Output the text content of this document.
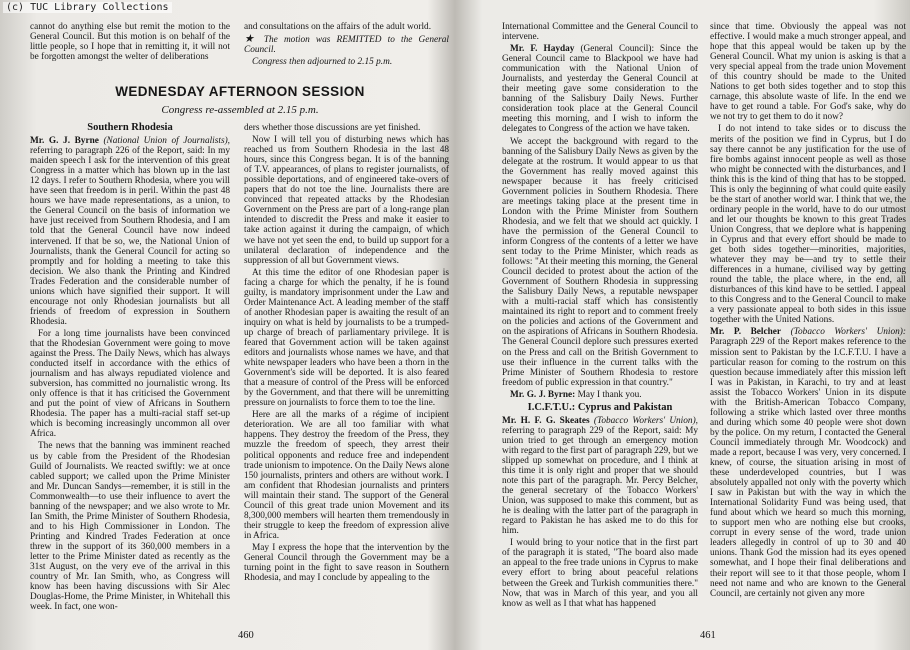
(c) TUC Library Collections

cannot do anything else but remit the motion to the General Council. But this motion is on behalf of the little people, so I hope that in remitting it, it will not be forgotten amongst the welter of deliberations

and consultations on the affairs of the adult world.

★ The motion was REMITTED to the General Council.

Congress then adjourned to 2.15 p.m.

WEDNESDAY AFTERNOON SESSION
Congress re-assembled at 2.15 p.m.
Southern Rhodesia

Mr. G. J. Byrne (National Union of Journalists), referring to paragraph 226 of the Report, said: In my maiden speech I ask for the intervention of this great Congress in a matter which has blown up in the last 12 days. I refer to Southern Rhodesia, where you will have seen that freedom is in peril. Within the past 48 hours we have made representations, as a union, to the General Council on the basis of information we have just received from Southern Rhodesia, and I am told that the General Council have now indeed intervened. If that be so, we, the National Union of Journalists, thank the General Council for acting so promptly and for holding a meeting to take this decision. We also thank the Printing and Kindred Trades Federation and the considerable number of unions which have signified their support. It will encourage not only Rhodesian journalists but all friends of freedom of expression in Southern Rhodesia.

For a long time journalists have been convinced that the Rhodesian Government were going to move against the Press. The Daily News, which has always conducted itself in accordance with the ethics of journalism and has always repudiated violence and subversion, has committed no journalistic wrong. Its only offence is that it has criticised the Government and put the point of view of Africans in Southern Rhodesia. The paper has a multi-racial staff set-up which is becoming increasingly uncommon all over Africa.

The news that the banning was imminent reached us by cable from the President of the Rhodesian Guild of Journalists. We reacted swiftly: we at once cabled support; we called upon the Prime Minister and Mr. Duncan Sandys—remember, it is still in the Commonwealth—to use their influence to avert the banning of the newspaper; and we also wrote to Mr. Ian Smith, the Prime Minister of Southern Rhodesia, and to his High Commissioner in London. The Printing and Kindred Trades Federation at once threw in the support of its 360,000 members in a letter to the Prime Minister dated as recently as the 31st August, on the very eve of the arrival in this country of Mr. Ian Smith, who, as Congress will know has been having discussions with Sir Alec Douglas-Home, the Prime Minister, in Whitehall this week. In fact, one won-

ders whether those discussions are yet finished.

Now I will tell you of disturbing news which has reached us from Southern Rhodesia in the last 48 hours, since this Congress began. It is of the banning of T.V. appearances, of plans to register journalists, of possible deportations, and of engineered take-overs of papers that do not toe the line. Journalists there are convinced that repeated attacks by the Rhodesian Government on the Press are part of a long-range plan intended to discredit the Press and make it easier to take action against it during the campaign, of which we have not yet seen the end, to build up support for a unilateral declaration of independence and the suppression of all but Government views.

At this time the editor of one Rhodesian paper is facing a charge for which the penalty, if he is found guilty, is mandatory imprisonment under the Law and Order Maintenance Act. A leading member of the staff of another Rhodesian paper is awaiting the result of an inquiry on what is held by journalists to be a trumped-up charge of breach of parliamentary privilege. It is feared that Government action will be taken against editors and journalists whose names we have, and that white newspaper leaders who have been a thorn in the Government's side will be deported. It is also feared that a measure of control of the Press will be enforced by the Government, and that there will be unremitting pressure on journalists to force them to toe the line.

Here are all the marks of a régime of incipient deterioration. We are all too familiar with what happens. They destroy the freedom of the Press, they muzzle the freedom of speech, they arrest their political opponents and reduce free and independent trade unionism to impotence. On the Daily News alone 150 journalists, printers and others are without work. I am confident that Rhodesian journalists and printers will maintain their stand. The support of the General Council of this great trade union Movement and its 8,300,000 members will hearten them tremendously in their struggle to keep the freedom of expression alive in Africa.

May I express the hope that the intervention by the General Council through the Government may be a turning point in the fight to save reason in Southern Rhodesia, and may I conclude by appealing to the

460

International Committee and the General Council to intervene.

Mr. F. Hayday (General Council): Since the General Council came to Blackpool we have had communication with the National Union of Journalists, and yesterday the General Council at their meeting gave some consideration to the banning of the Salisbury Daily News. Further consideration took place at the General Council meeting this morning, and I wish to inform the delegates to Congress of the action we have taken.

We accept the background with regard to the banning of the Salisbury Daily News as given by the delegate at the rostrum. It would appear to us that the Government has really moved against this newspaper because it has freely criticised Government policies in Southern Rhodesia. There are meetings taking place at the present time in London with the Prime Minister from Southern Rhodesia, and we felt that we should act quickly. I have the permission of the General Council to inform Congress of the contents of a letter we have sent today to the Prime Minister, which reads as follows: "At their meeting this morning, the General Council decided to protest about the action of the Government of Southern Rhodesia in suppressing the Salisbury Daily News, a reputable newspaper with a multi-racial staff which has consistently maintained its right to report and to comment freely on the policies and actions of the Government and on the aspirations of Africans in Southern Rhodesia. The General Council deplore such pressures exerted on the Press and call on the British Government to use their influence in the current talks with the Prime Minister of Southern Rhodesia to restore freedom of public expression in that country."

Mr. G. J. Byrne: May I thank you.

I.C.F.T.U.: Cyprus and Pakistan

Mr. H. F. G. Skeates (Tobacco Workers' Union), referring to paragraph 229 of the Report, said: My union tried to get through an emergency motion with regard to the first part of paragraph 229, but we slipped up somewhat on procedure, and I think at this time it is only right and proper that we should note this part of the paragraph. Mr. Percy Belcher, the general secretary of the Tobacco Workers' Union, was supposed to make this comment, but as he is dealing with the latter part of the paragraph in regard to Pakistan he has asked me to do this for him.

I would bring to your notice that in the first part of the paragraph it is stated, "The board also made an appeal to the free trade unions in Cyprus to make every effort to bring about peaceful relations between the Greek and Turkish communities there." Now, that was in March of this year, and you all know as well as I that what has happened

since that time. Obviously the appeal was not effective. I would make a much stronger appeal, and hope that this appeal would be taken up by the General Council. What my union is asking is that a very special appeal from the trade union Movement of this country should be made to the United Nations to get both sides together and to stop this carnage, this absolute waste of life. In the end we have to get round a table. For God's sake, why do we not try to get them to do it now?

I do not intend to take sides or to discuss the merits of the position we find in Cyprus, but I do say there cannot be any justification for the use of fire bombs against innocent people as well as those who might be connected with the disturbances, and I think this is the kind of thing that has to be stopped. This is only the beginning of what could quite easily be the start of another world war. I think that we, the ordinary people in the world, have to do our utmost and let our thoughts be known to this great Trades Union Congress, that we deplore what is happening in Cyprus and that every effort should be made to get both sides together—minorities, majorities, whatever they may be—and try to settle their differences in a humane, civilised way by getting round the table, the place where, in the end, all disturbances of this kind have to be settled. I appeal to this Congress and to the General Council to make a very passionate appeal to both sides in this issue together with the United Nations.

Mr. P. Belcher (Tobacco Workers' Union): Paragraph 229 of the Report makes reference to the mission sent to Pakistan by the I.C.F.T.U. I have a particular reason for coming to the rostrum on this question because immediately after this mission left I was in Pakistan, in Karachi, to try and at least assist the Tobacco Workers' Union in its dispute with the British-American Tobacco Company, following a strike which lasted over three months and during which some 40 people were shot down by the police. On my return, I contacted the General Council immediately through Mr. Woodcock) and made a report, because I was very, very concerned. I knew, of course, the situation arising in most of these underdeveloped countries, but I was absolutely appalled not only with the poverty which I saw in Pakistan but with the way in which the International Solidarity Fund was being used, that fund about which we heard so much this morning, to support men who are nothing else but crooks, corrupt in every sense of the word, trade union leaders allegedly in control of up to 30 and 40 unions. Thank God the mission had its eyes opened somewhat, and I hope their final deliberations and their report will see to it that those people, whom I need not name and who are known to the General Council, are certainly not given any more

461
